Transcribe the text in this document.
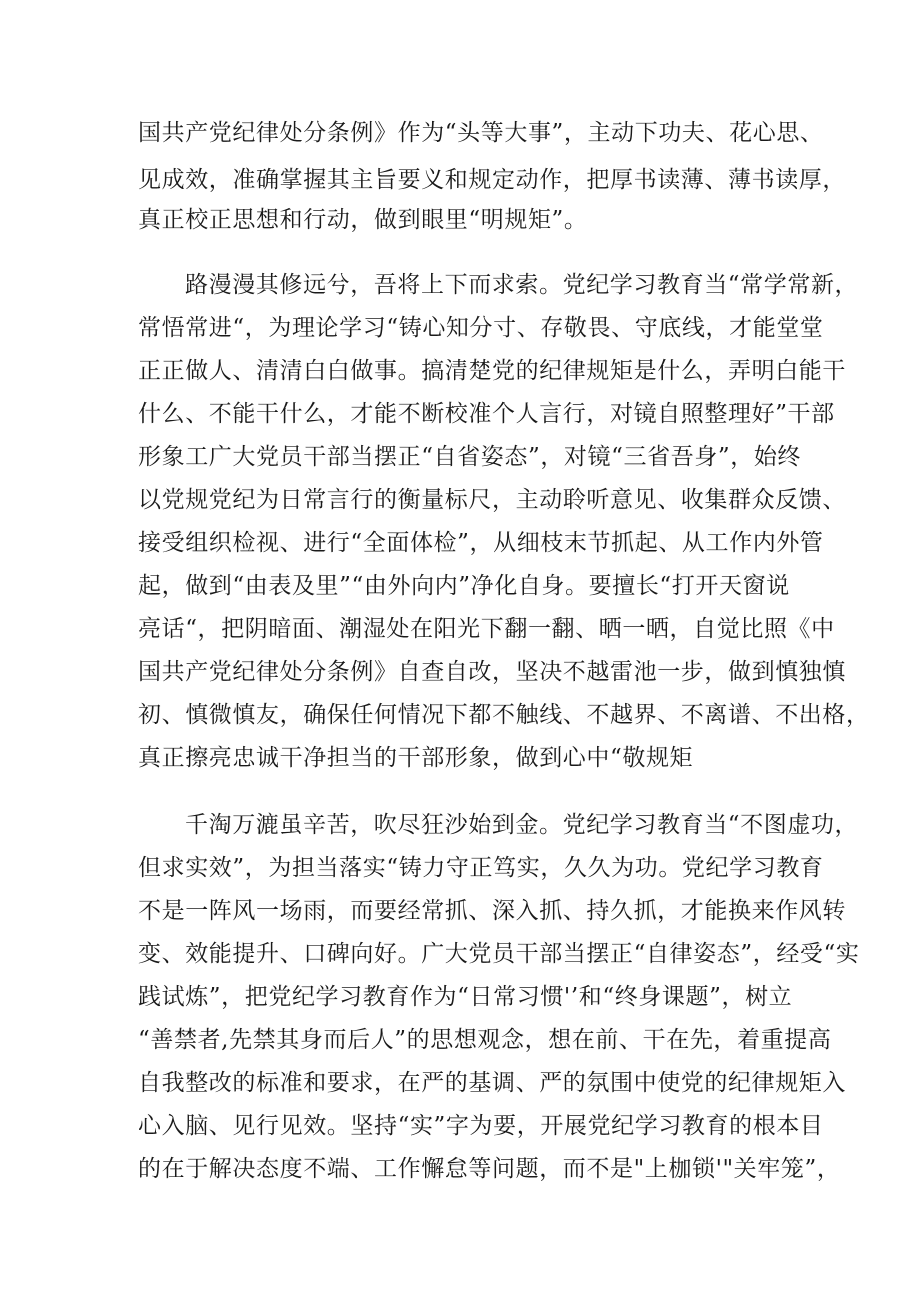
国共产党纪律处分条例》作为“头等大事”，主动下功夫、花心思、
见成效，准确掌握其主旨要义和规定动作，把厚书读薄、薄书读厚，
真正校正思想和行动，做到眼里“明规矩”。
路漫漫其修远兮，吾将上下而求索。党纪学习教育当“常学常新，
常悟常进“，为理论学习“铸心知分寸、存敬畏、守底线，才能堂堂
正正做人、清清白白做事。搞清楚党的纪律规矩是什么，弄明白能干
什么、不能干什么，才能不断校准个人言行，对镜自照整理好”干部
形象工广大党员干部当摆正“自省姿态”，对镜“三省吾身”，始终
以党规党纪为日常言行的衡量标尺，主动聆听意见、收集群众反馈、
接受组织检视、进行“全面体检”，从细枝末节抓起、从工作内外管
起，做到“由表及里”“由外向内”净化自身。要擅长“打开天窗说
亮话“，把阴暗面、潮湿处在阳光下翻一翻、晒一晒，自觉比照《中
国共产党纪律处分条例》自查自改，坚决不越雷池一步，做到慎独慎
初、慎微慎友，确保任何情况下都不触线、不越界、不离谱、不出格，
真正擦亮忠诚干净担当的干部形象，做到心中“敬规矩
千淘万漉虽辛苦，吹尽狂沙始到金。党纪学习教育当“不图虚功，
但求实效”，为担当落实“铸力守正笃实，久久为功。党纪学习教育
不是一阵风一场雨，而要经常抓、深入抓、持久抓，才能换来作风转
变、效能提升、口碑向好。广大党员干部当摆正“自律姿态”，经受“实
践试炼”，把党纪学习教育作为“日常习惯'’和“终身课题”，树立
“善禁者,先禁其身而后人”的思想观念，想在前、干在先，着重提高
自我整改的标准和要求，在严的基调、严的氛围中使党的纪律规矩入
心入脑、见行见效。坚持“实”字为要，开展党纪学习教育的根本目
的在于解决态度不端、工作懈怠等问题，而不是"上枷锁'"关牢笼”，
